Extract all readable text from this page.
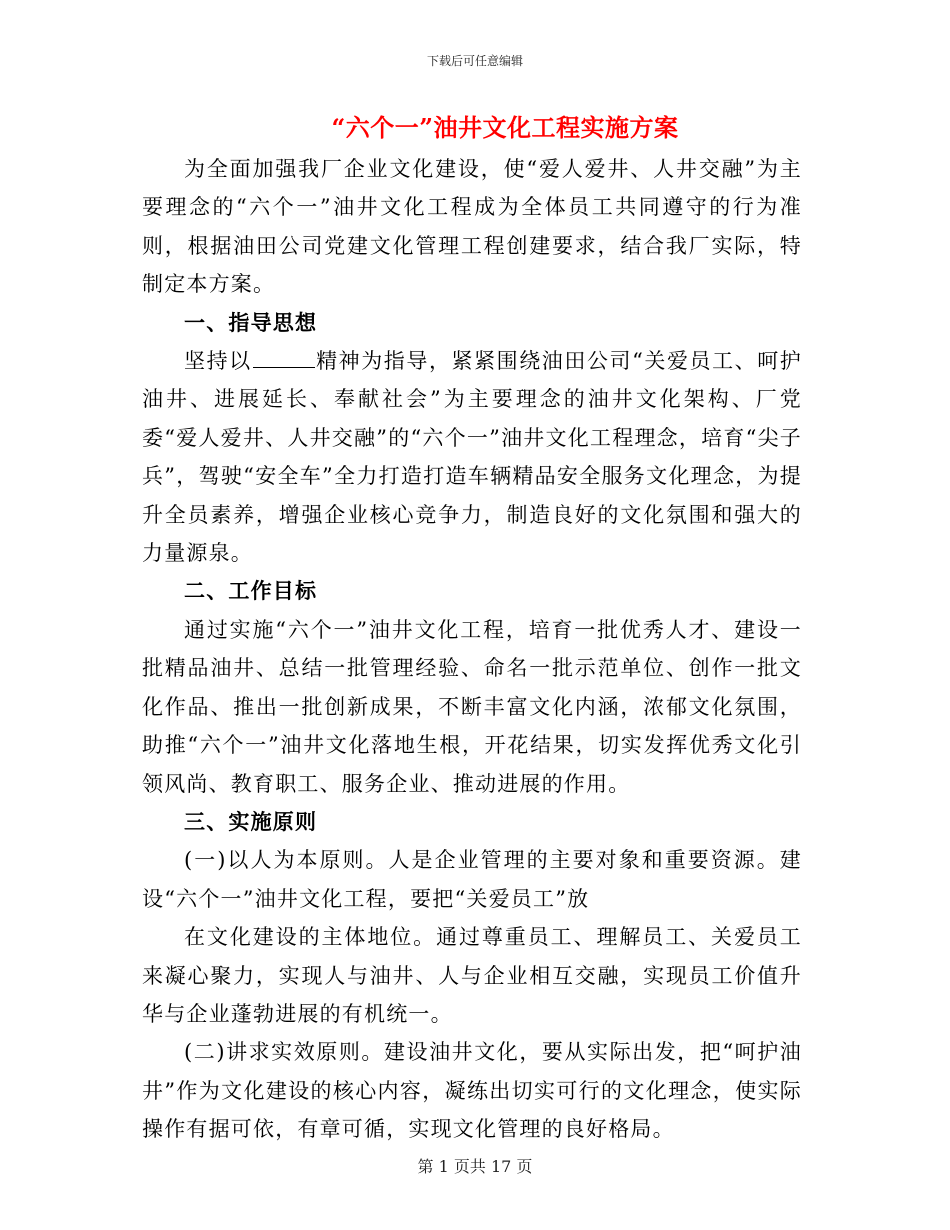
下载后可任意编辑
“六个一”油井文化工程实施方案

为全面加强我厂企业文化建设，使“爱人爱井、人井交融”为主要理念的“六个一”油井文化工程成为全体员工共同遵守的行为准则，根据油田公司党建文化管理工程创建要求，结合我厂实际，特制定本方案。

一、指导思想

坚持以	精神为指导，紧紧围绕油田公司“关爱员工、呵护油井、进展延长、奉献社会”为主要理念的油井文化架构、厂党委“爱人爱井、人井交融”的“六个一”油井文化工程理念，培育“尖子兵”，驾驶“安全车”全力打造打造车辆精品安全服务文化理念，为提升全员素养，增强企业核心竞争力，制造良好的文化氛围和强大的力量源泉。

二、工作目标

通过实施“六个一”油井文化工程，培育一批优秀人才、建设一批精品油井、总结一批管理经验、命名一批示范单位、创作一批文化作品、推出一批创新成果，不断丰富文化内涵，浓郁文化氛围，助推“六个一”油井文化落地生根，开花结果，切实发挥优秀文化引领风尚、教育职工、服务企业、推动进展的作用。

三、实施原则

(一)以人为本原则。人是企业管理的主要对象和重要资源。建设“六个一”油井文化工程，要把“关爱员工”放

在文化建设的主体地位。通过尊重员工、理解员工、关爱员工来凝心聚力，实现人与油井、人与企业相互交融，实现员工价值升华与企业蓬勃进展的有机统一。

(二)讲求实效原则。建设油井文化，要从实际出发，把“呵护油井”作为文化建设的核心内容，凝练出切实可行的文化理念，使实际操作有据可依，有章可循，实现文化管理的良好格局。

第 1 页共 17 页
